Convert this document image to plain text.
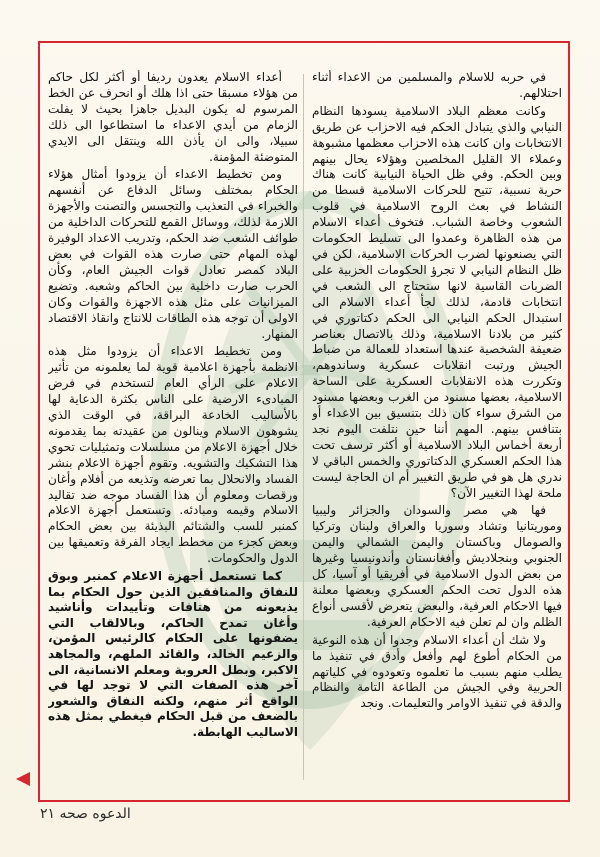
في حربه للاسلام والمسلمين من الاعداء أثناء احتلالهم.

وكانت معظم البلاد الاسلامية يسودها النظام النيابي والذي يتبادل الحكم فيه الاحزاب عن طريق الانتخابات وان كانت هذه الاحزاب معظمها مشبوهة وعملاء الا القليل المخلصين وهؤلاء يحال بينهم وبين الحكم. وفي ظل الحياة النيابية كانت هناك حرية نسبية، تتيح للحركات الاسلامية قسطا من النشاط في بعث الروح الاسلامية في قلوب الشعوب وخاصة الشباب. فتخوف أعداء الاسلام من هذه الظاهرة وعمدوا الى تسليط الحكومات التي يصنعونها لضرب الحركات الاسلامية، لكن في ظل النظام النيابي لا تجرؤ الحكومات الحزبية على الضربات القاسية لانها ستحتاج الى الشعب في انتخابات قادمة، لذلك لجأ أعداء الاسلام الى استبدال الحكم النيابي الى الحكم دكتاتوري في كثير من بلادنا الاسلامية، وذلك بالاتصال بعناصر ضعيفة الشخصية عندها استعداد للعمالة من ضباط الجيش ورتبت انقلابات عسكرية وساندوهم، وتكررت هذه الانقلابات العسكرية على الساحة الاسلامية، بعضها مسنود من الغرب وبعضها مسنود من الشرق سواء كان ذلك بتنسيق بين الاعداء أو بتنافس بينهم. المهم أننا حين نتلفت اليوم نجد أربعة أخماس البلاد الاسلامية أو أكثر ترسف تحت هذا الحكم العسكري الدكتاتوري والخمس الباقي لا ندري هل هو في طريق التغيير أم ان الحاجة ليست ملحة لهذا التغيير الآن؟

فها هي مصر والسودان والجزائر وليبيا وموريتانيا وتشاد وسوريا والعراق ولبنان وتركيا والصومال وباكستان واليمن الشمالي واليمن الجنوبي وبنجلاديش وأفغانستان وأندونيسيا وغيرها من بعض الدول الاسلامية في أفريقيا أو آسيا، كل هذه الدول تحت الحكم العسكري وبعضها معلنة فيها الاحكام العرفية، والبعض يتعرض لأقسى أنواع الظلم وان لم تعلن فيه الاحكام العرفية.

ولا شك أن أعداء الاسلام وجدوا أن هذه النوعية من الحكام أطوع لهم وأفعل وأدق في تنفيذ ما يطلب منهم بسبب ما تعلموه وتعودوه في كلياتهم الحربية وفي الجيش من الطاعة التامة والنظام والدقة في تنفيذ الاوامر والتعليمات. ونجد

أعداء الاسلام يعدون رديفا أو أكثر لكل حاكم من هؤلاء مسبقا حتى اذا هلك أو انحرف عن الخط المرسوم له يكون البديل جاهزا بحيث لا يفلت الزمام من أيدي الاعداء ما استطاعوا الى ذلك سبيلا، والى ان يأذن الله وينتقل الى الايدي المتوضئة المؤمنة.

ومن تخطيط الاعداء أن يزودوا أمثال هؤلاء الحكام بمختلف وسائل الدفاع عن أنفسهم والخبراء في التعذيب والتجسس والتصنت والأجهزة اللازمة لذلك، ووسائل القمع للتحركات الداخلية من طوائف الشعب ضد الحكم، وتدريب الاعداد الوفيرة لهذه المهام حتى صارت هذه القوات في بعض البلاد كمصر تعادل قوات الجيش العام، وكأن الحرب صارت داخلية بين الحاكم وشعبه. وتضيع الميزانيات على مثل هذه الاجهزة والقوات وكان الاولى أن توجه هذه الطاقات للانتاج وانقاذ الاقتصاد المنهار.

ومن تخطيط الاعداء أن يزودوا مثل هذه الانظمة بأجهزة اعلامية قوية لما يعلمونه من تأثير الاعلام على الرأي العام لتستخدم في فرض المبادىء الارضية على الناس بكثرة الدعاية لها بالأساليب الخادعة البراقة، في الوقت الذي يشوهون الاسلام وينالون من عقيدته بما يقدمونه خلال أجهزة الاعلام من مسلسلات وتمثيليات تحوي هذا التشكيك والتشويه. وتقوم أجهزة الاعلام بنشر الفساد والانحلال بما تعرضه وتذيعه من أفلام وأغان ورقصات ومعلوم أن هذا الفساد موجه ضد تقاليد الاسلام وقيمه ومبادئه. وتستعمل أجهزة الاعلام كمنبر للسب والشتائم البذيئة بين بعض الحكام وبعض كجزء من مخطط ايجاد الفرقة وتعميقها بين الدول والحكومات.

كما تستعمل أجهزة الاعلام كمنبر وبوق للنفاق والمنافقين الذين حول الحكام بما يذيعونه من هتافات وتأييدات وأناشيد وأغان تمدح الحاكم، وبالالقاب التي يضفونها على الحكام كالرئيس المؤمن، والزعيم الخالد، والقائد الملهم، والمجاهد الاكبر، وبطل العروبة ومعلم الانسانية، الى آخر هذه الصفات التي لا توجد لها في الواقع أثر منهم، ولكنه النفاق والشعور بالضعف من قبل الحكام فيغطي بمثل هذه الاساليب الهابطة.

الدعوه صحه ٢١
